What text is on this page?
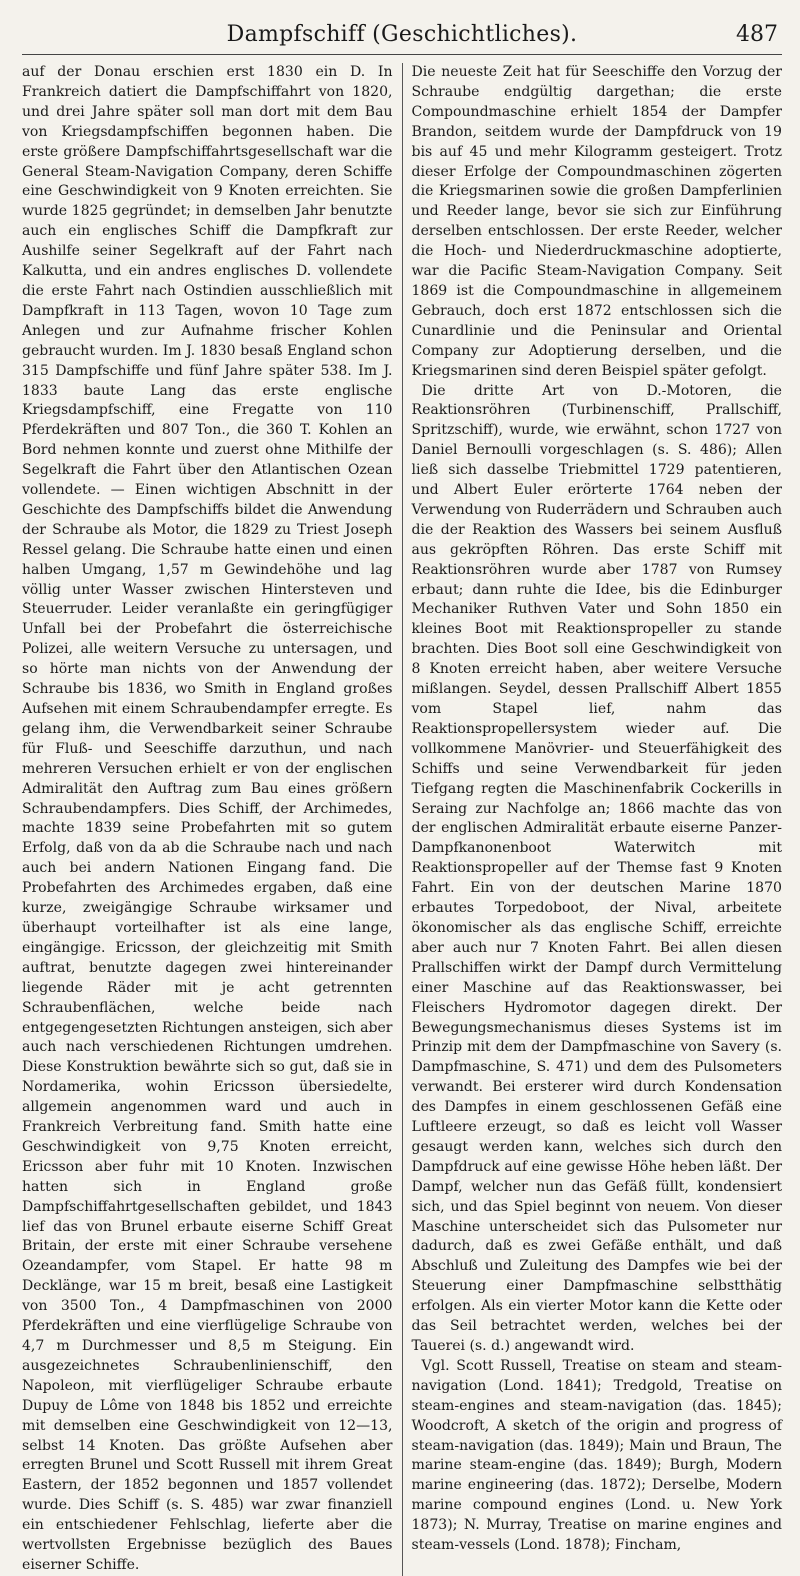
Dampfschiff (Geschichtliches).	487

auf der Donau erschien erst 1830 ein D. In Frankreich datiert die Dampfschiffahrt von 1820, und drei Jahre später soll man dort mit dem Bau von Kriegsdampfschiffen begonnen haben. Die erste größere Dampfschiffahrtsgesellschaft war die General Steam-Navigation Company, deren Schiffe eine Geschwindigkeit von 9 Knoten erreichten. Sie wurde 1825 gegründet; in demselben Jahr benutzte auch ein englisches Schiff die Dampfkraft zur Aushilfe seiner Segelkraft auf der Fahrt nach Kalkutta, und ein andres englisches D. vollendete die erste Fahrt nach Ostindien ausschließlich mit Dampfkraft in 113 Tagen, wovon 10 Tage zum Anlegen und zur Aufnahme frischer Kohlen gebraucht wurden. Im J. 1830 besaß England schon 315 Dampfschiffe und fünf Jahre später 538. Im J. 1833 baute Lang das erste englische Kriegsdampfschiff, eine Fregatte von 110 Pferdekräften und 807 Ton., die 360 T. Kohlen an Bord nehmen konnte und zuerst ohne Mithilfe der Segelkraft die Fahrt über den Atlantischen Ozean vollendete. — Einen wichtigen Abschnitt in der Geschichte des Dampfschiffs bildet die Anwendung der Schraube als Motor, die 1829 zu Triest Joseph Ressel gelang. Die Schraube hatte einen und einen halben Umgang, 1,57 m Gewindehöhe und lag völlig unter Wasser zwischen Hintersteven und Steuerruder. Leider veranlaßte ein geringfügiger Unfall bei der Probefahrt die österreichische Polizei, alle weitern Versuche zu untersagen, und so hörte man nichts von der Anwendung der Schraube bis 1836, wo Smith in England großes Aufsehen mit einem Schraubendampfer erregte. Es gelang ihm, die Verwendbarkeit seiner Schraube für Fluß- und Seeschiffe darzuthun, und nach mehreren Versuchen erhielt er von der englischen Admiralität den Auftrag zum Bau eines größern Schraubendampfers. Dies Schiff, der Archimedes, machte 1839 seine Probefahrten mit so gutem Erfolg, daß von da ab die Schraube nach und nach auch bei andern Nationen Eingang fand. Die Probefahrten des Archimedes ergaben, daß eine kurze, zweigängige Schraube wirksamer und überhaupt vorteilhafter ist als eine lange, eingängige. Ericsson, der gleichzeitig mit Smith auftrat, benutzte dagegen zwei hintereinander liegende Räder mit je acht getrennten Schraubenflächen, welche beide nach entgegengesetzten Richtungen ansteigen, sich aber auch nach verschiedenen Richtungen umdrehen. Diese Konstruktion bewährte sich so gut, daß sie in Nordamerika, wohin Ericsson übersiedelte, allgemein angenommen ward und auch in Frankreich Verbreitung fand. Smith hatte eine Geschwindigkeit von 9,75 Knoten erreicht, Ericsson aber fuhr mit 10 Knoten. Inzwischen hatten sich in England große Dampfschiffahrtgesellschaften gebildet, und 1843 lief das von Brunel erbaute eiserne Schiff Great Britain, der erste mit einer Schraube versehene Ozeandampfer, vom Stapel. Er hatte 98 m Decklänge, war 15 m breit, besaß eine Lastigkeit von 3500 Ton., 4 Dampfmaschinen von 2000 Pferdekräften und eine vierflügelige Schraube von 4,7 m Durchmesser und 8,5 m Steigung. Ein ausgezeichnetes Schraubenlinienschiff, den Napoleon, mit vierflügeliger Schraube erbaute Dupuy de Lôme von 1848 bis 1852 und erreichte mit demselben eine Geschwindigkeit von 12—13, selbst 14 Knoten. Das größte Aufsehen aber erregten Brunel und Scott Russell mit ihrem Great Eastern, der 1852 begonnen und 1857 vollendet wurde. Dies Schiff (s. S. 485) war zwar finanziell ein entschiedener Fehlschlag, lieferte aber die wertvollsten Ergebnisse bezüglich des Baues eiserner Schiffe.

Die neueste Zeit hat für Seeschiffe den Vorzug der Schraube endgültig dargethan; die erste Compoundmaschine erhielt 1854 der Dampfer Brandon, seitdem wurde der Dampfdruck von 19 bis auf 45 und mehr Kilogramm gesteigert. Trotz dieser Erfolge der Compoundmaschinen zögerten die Kriegsmarinen sowie die großen Dampferlinien und Reeder lange, bevor sie sich zur Einführung derselben entschlossen. Der erste Reeder, welcher die Hoch- und Niederdruckmaschine adoptierte, war die Pacific Steam-Navigation Company. Seit 1869 ist die Compoundmaschine in allgemeinem Gebrauch, doch erst 1872 entschlossen sich die Cunardlinie und die Peninsular and Oriental Company zur Adoptierung derselben, und die Kriegsmarinen sind deren Beispiel später gefolgt.

Die dritte Art von D.-Motoren, die Reaktionsröhren (Turbinenschiff, Prallschiff, Spritzschiff), wurde, wie erwähnt, schon 1727 von Daniel Bernoulli vorgeschlagen (s. S. 486); Allen ließ sich dasselbe Triebmittel 1729 patentieren, und Albert Euler erörterte 1764 neben der Verwendung von Ruderrädern und Schrauben auch die der Reaktion des Wassers bei seinem Ausfluß aus gekröpften Röhren. Das erste Schiff mit Reaktionsröhren wurde aber 1787 von Rumsey erbaut; dann ruhte die Idee, bis die Edinburger Mechaniker Ruthven Vater und Sohn 1850 ein kleines Boot mit Reaktionspropeller zu stande brachten. Dies Boot soll eine Geschwindigkeit von 8 Knoten erreicht haben, aber weitere Versuche mißlangen. Seydel, dessen Prallschiff Albert 1855 vom Stapel lief, nahm das Reaktionspropellersystem wieder auf. Die vollkommene Manövrier- und Steuerfähigkeit des Schiffs und seine Verwendbarkeit für jeden Tiefgang regten die Maschinenfabrik Cockerills in Seraing zur Nachfolge an; 1866 machte das von der englischen Admiralität erbaute eiserne Panzer-Dampfkanonenboot Waterwitch mit Reaktionspropeller auf der Themse fast 9 Knoten Fahrt. Ein von der deutschen Marine 1870 erbautes Torpedoboot, der Nival, arbeitete ökonomischer als das englische Schiff, erreichte aber auch nur 7 Knoten Fahrt. Bei allen diesen Prallschiffen wirkt der Dampf durch Vermittelung einer Maschine auf das Reaktionswasser, bei Fleischers Hydromotor dagegen direkt. Der Bewegungsmechanismus dieses Systems ist im Prinzip mit dem der Dampfmaschine von Savery (s. Dampfmaschine, S. 471) und dem des Pulsometers verwandt. Bei ersterer wird durch Kondensation des Dampfes in einem geschlossenen Gefäß eine Luftleere erzeugt, so daß es leicht voll Wasser gesaugt werden kann, welches sich durch den Dampfdruck auf eine gewisse Höhe heben läßt. Der Dampf, welcher nun das Gefäß füllt, kondensiert sich, und das Spiel beginnt von neuem. Von dieser Maschine unterscheidet sich das Pulsometer nur dadurch, daß es zwei Gefäße enthält, und daß Abschluß und Zuleitung des Dampfes wie bei der Steuerung einer Dampfmaschine selbstthätig erfolgen. Als ein vierter Motor kann die Kette oder das Seil betrachtet werden, welches bei der Tauerei (s. d.) angewandt wird.

Vgl. Scott Russell, Treatise on steam and steam-navigation (Lond. 1841); Tredgold, Treatise on steam-engines and steam-navigation (das. 1845); Woodcroft, A sketch of the origin and progress of steam-navigation (das. 1849); Main und Braun, The marine steam-engine (das. 1849); Burgh, Modern marine engineering (das. 1872); Derselbe, Modern marine compound engines (Lond. u. New York 1873); N. Murray, Treatise on marine engines and steam-vessels (Lond. 1878); Fincham,
